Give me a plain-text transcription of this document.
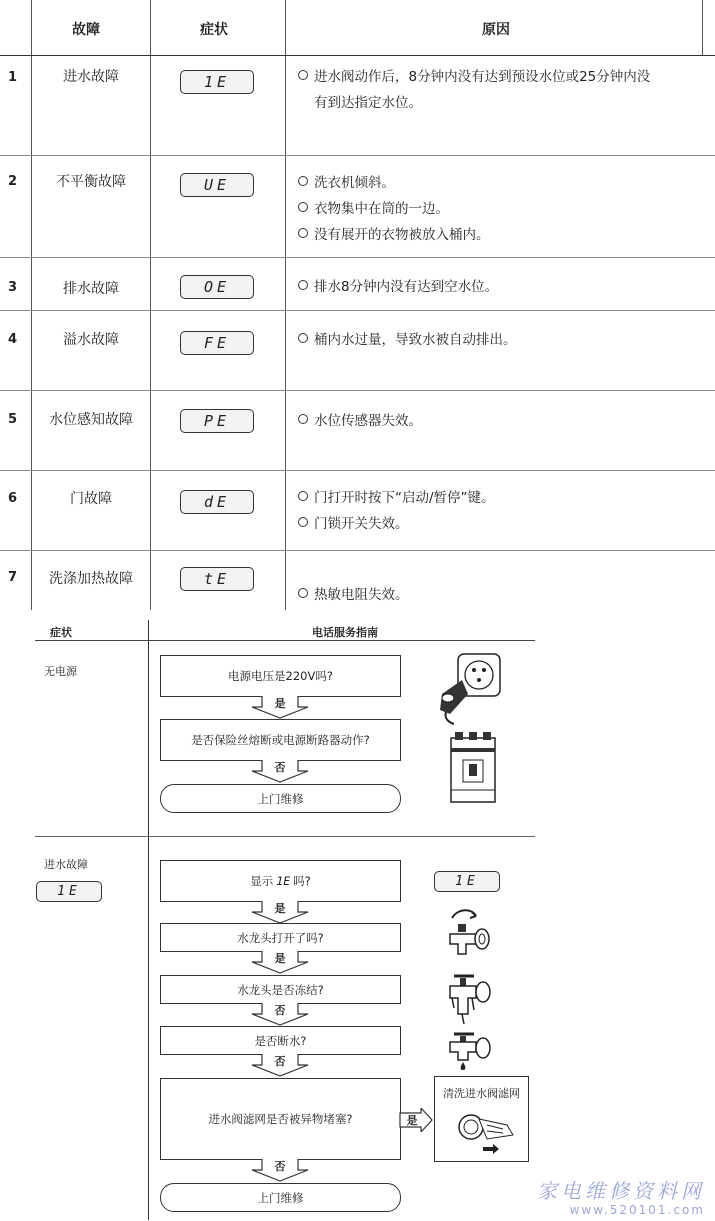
故障	症状	原因
1	进水故障	1E	进水阀动作后，8分钟内没有达到预设水位或25分钟内没
有到达指定水位。
2	不平衡故障	UE	洗衣机倾斜。
衣物集中在筒的一边。
没有展开的衣物被放入桶内。
3	排水故障	OE	排水8分钟内没有达到空水位。
4	溢水故障	FE	桶内水过量，导致水被自动排出。
5	水位感知故障	PE	水位传感器失效。
6	门故障	dE	门打开时按下“启动/暂停”键。
门锁开关失效。
7	洗涤加热故障	tE
热敏电阻失效。
症状	电话服务指南
无电源	电源电压是220V吗?
是
是否保险丝熔断或电源断路器动作?
否
上门维修
进水故障
1E
显示 1E 吗?	1E
是
水龙头打开了吗?
是
水龙头是否冻结?
否
是否断水?
否
进水阀滤网是否被异物堵塞?	是
清洗进水阀滤网
否
上门维修	家电维修资料网
www.520101.com
